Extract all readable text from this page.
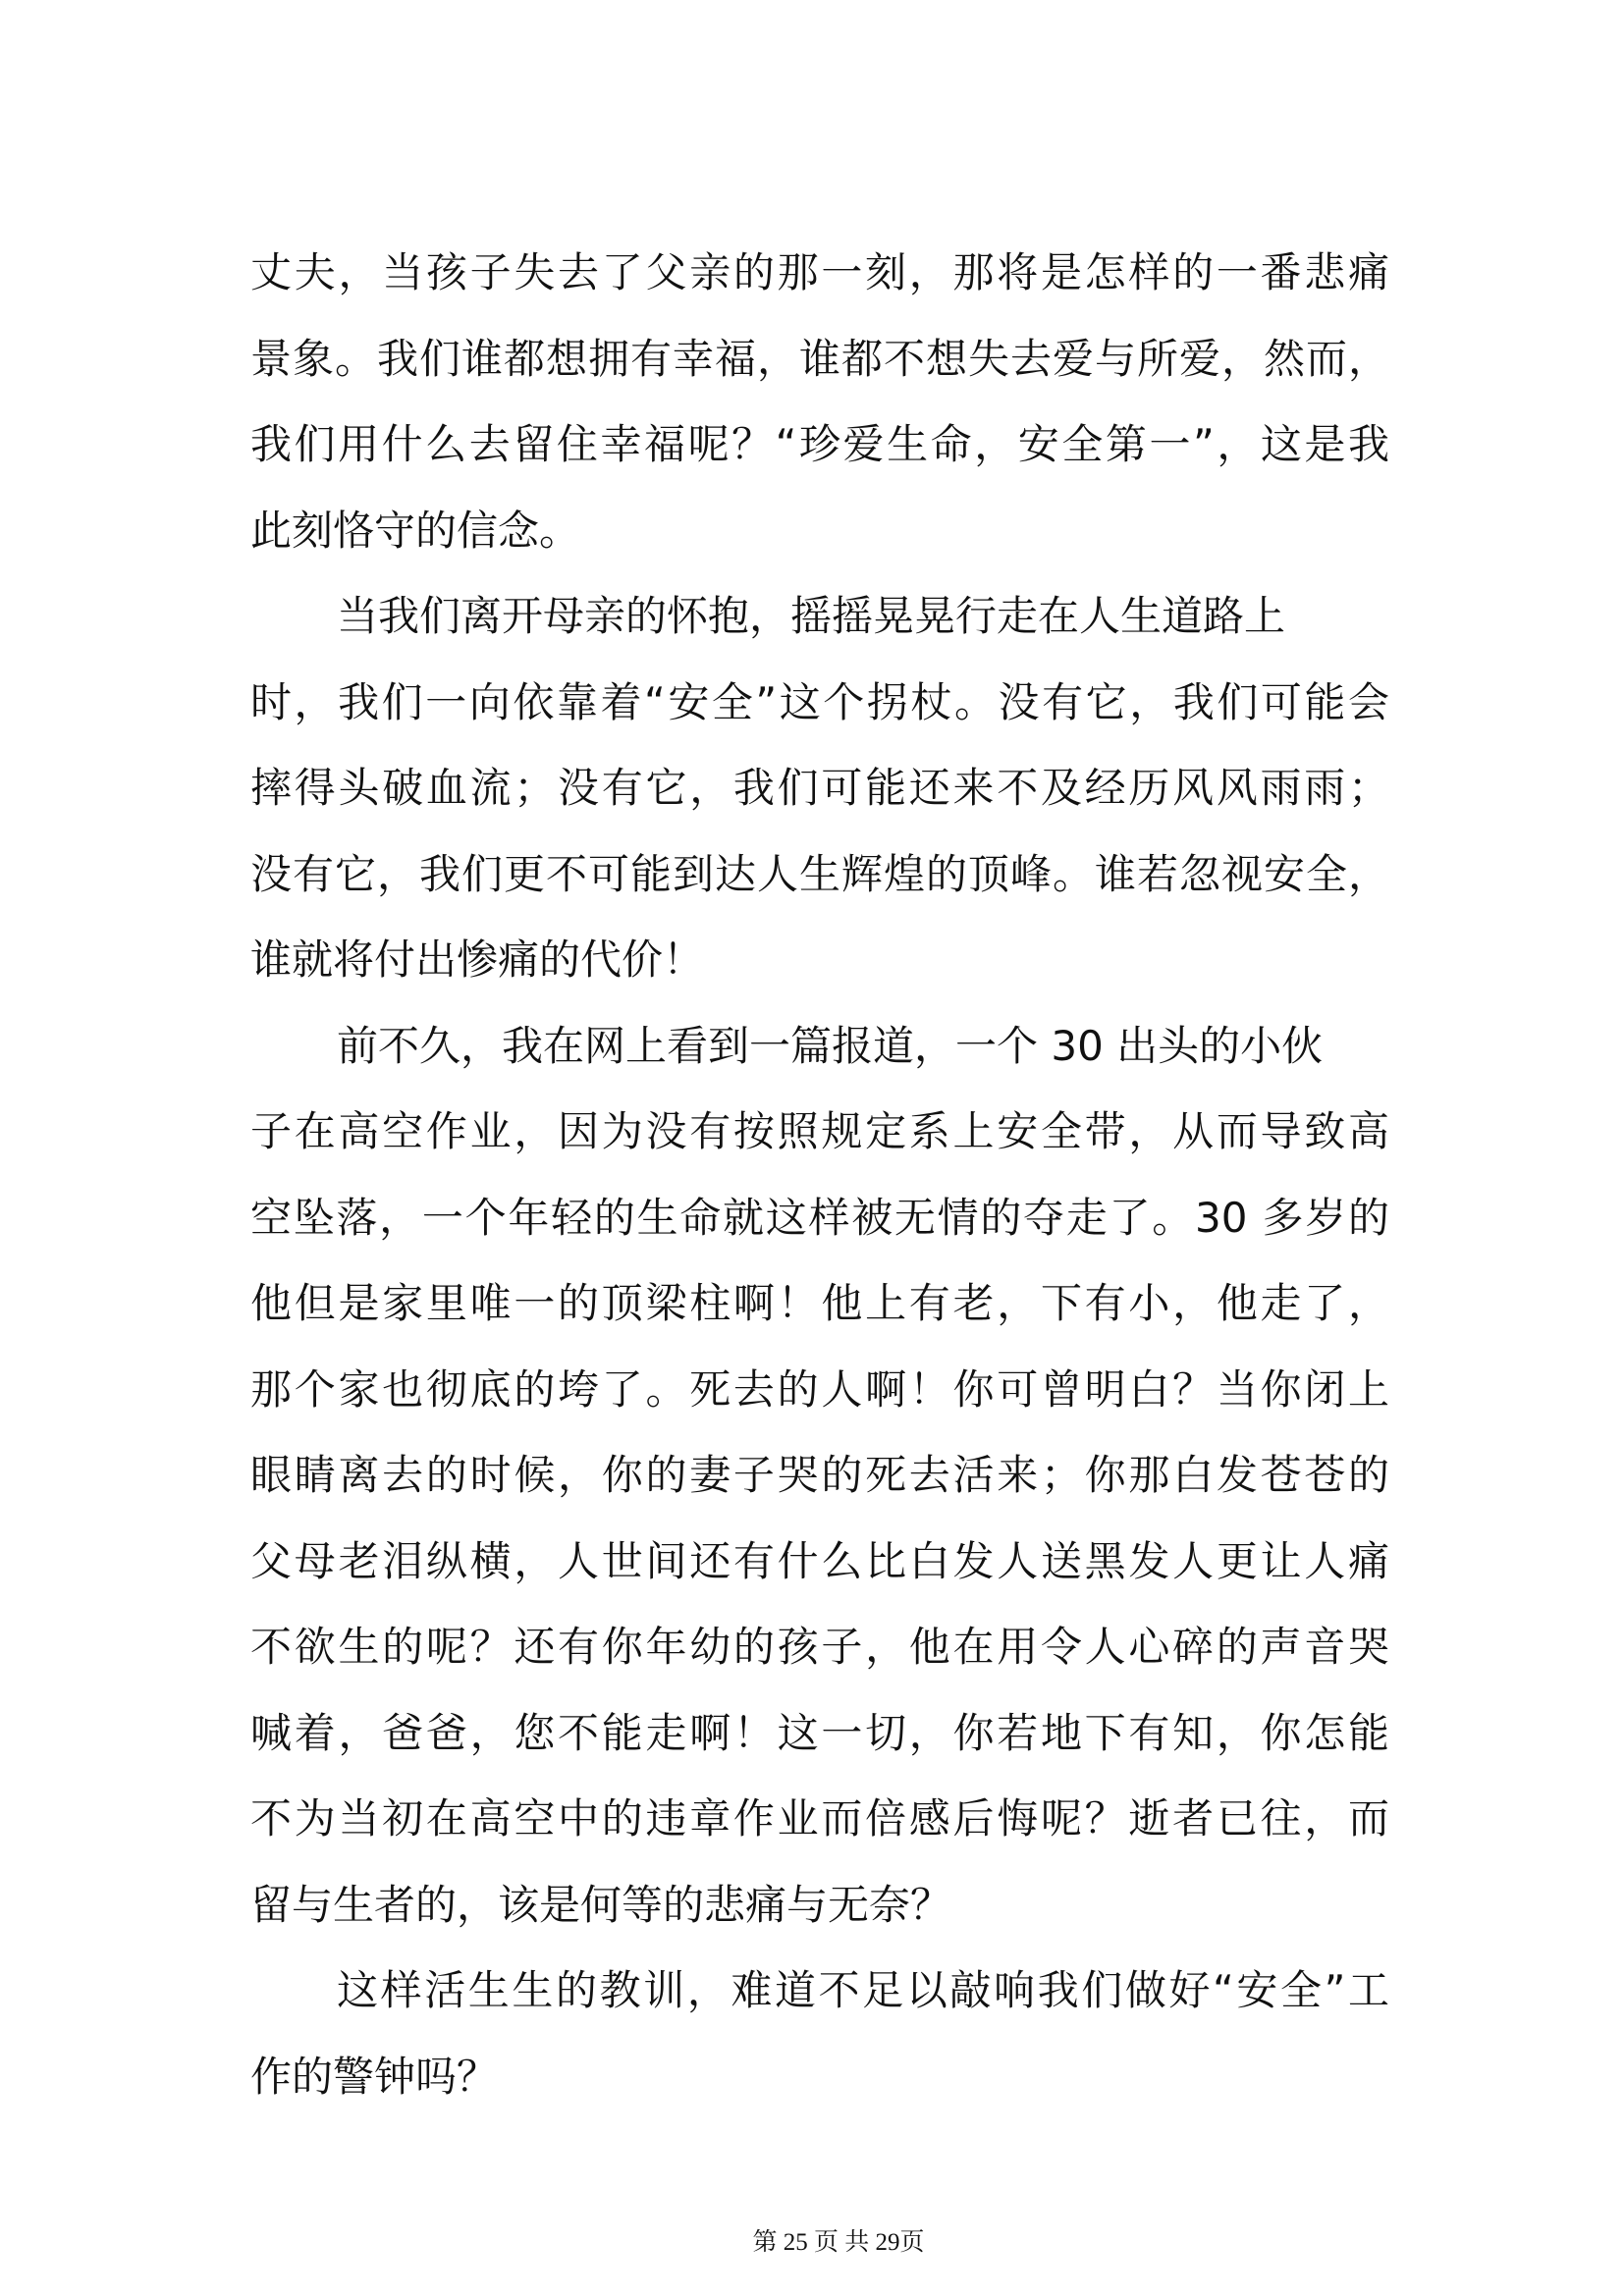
丈夫，当孩子失去了父亲的那一刻，那将是怎样的一番悲痛
景象。我们谁都想拥有幸福，谁都不想失去爱与所爱，然而，
我们用什么去留住幸福呢？“珍爱生命，安全第一”，这是我
此刻恪守的信念。
当我们离开母亲的怀抱，摇摇晃晃行走在人生道路上
时，我们一向依靠着“安全”这个拐杖。没有它，我们可能会
摔得头破血流；没有它，我们可能还来不及经历风风雨雨；
没有它，我们更不可能到达人生辉煌的顶峰。谁若忽视安全，
谁就将付出惨痛的代价！
前不久，我在网上看到一篇报道，一个 30 出头的小伙
子在高空作业，因为没有按照规定系上安全带，从而导致高
空坠落，一个年轻的生命就这样被无情的夺走了。30 多岁的
他但是家里唯一的顶梁柱啊！他上有老，下有小，他走了，
那个家也彻底的垮了。死去的人啊！你可曾明白？当你闭上
眼睛离去的时候，你的妻子哭的死去活来；你那白发苍苍的
父母老泪纵横，人世间还有什么比白发人送黑发人更让人痛
不欲生的呢？还有你年幼的孩子，他在用令人心碎的声音哭
喊着，爸爸，您不能走啊！这一切，你若地下有知，你怎能
不为当初在高空中的违章作业而倍感后悔呢？逝者已往，而
留与生者的，该是何等的悲痛与无奈？
这样活生生的教训，难道不足以敲响我们做好“安全”工
作的警钟吗？
第 25 页 共 29页
